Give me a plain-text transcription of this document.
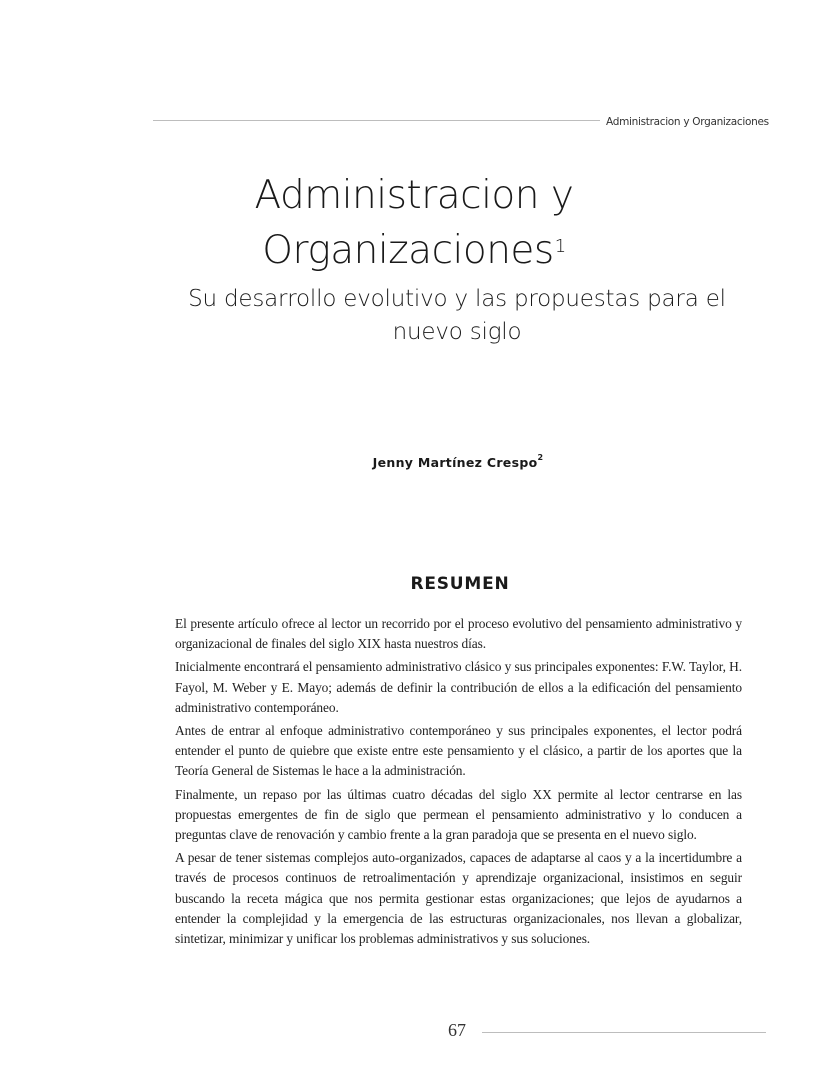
Administracion y Organizaciones
Administracion y
Organizaciones$^1$
Su desarrollo evolutivo y las propuestas para el nuevo siglo
Jenny Martínez Crespo$^2$
RESUMEN

El presente artículo ofrece al lector un recorrido por el proceso evolutivo del pensamiento administrativo y organizacional de finales del siglo XIX hasta nuestros días.

Inicialmente encontrará el pensamiento administrativo clásico y sus principales exponentes: F.W. Taylor, H. Fayol, M. Weber y E. Mayo; además de definir la contribución de ellos a la edificación del pensamiento administrativo contemporáneo.

Antes de entrar al enfoque administrativo contemporáneo y sus principales exponentes, el lector podrá entender el punto de quiebre que existe entre este pensamiento y el clásico, a partir de los aportes que la Teoría General de Sistemas le hace a la administración.

Finalmente, un repaso por las últimas cuatro décadas del siglo XX permite al lector centrarse en las propuestas emergentes de fin de siglo que permean el pensamiento administrativo y lo conducen a preguntas clave de renovación y cambio frente a la gran paradoja que se presenta en el nuevo siglo.

A pesar de tener sistemas complejos auto-organizados, capaces de adaptarse al caos y a la incertidumbre a través de procesos continuos de retroalimentación y aprendizaje organizacional, insistimos en seguir buscando la receta mágica que nos permita gestionar estas organizaciones; que lejos de ayudarnos a entender la complejidad y la emergencia de las estructuras organizacionales, nos llevan a globalizar, sintetizar, minimizar y unificar los problemas administrativos y sus soluciones.

67
